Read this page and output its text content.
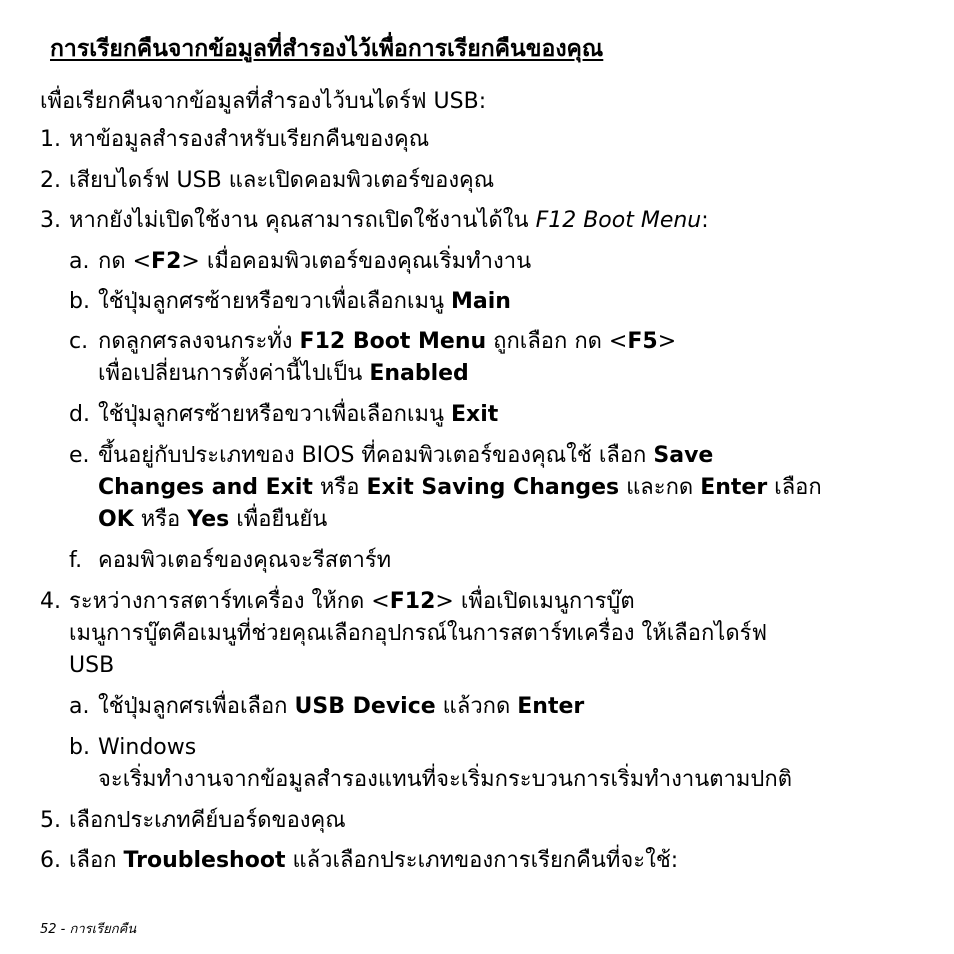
การเรียกคืนจากข้อมูลที่สำรองไว้เพื่อการเรียกคืนของคุณ

เพื่อเรียกคืนจากข้อมูลที่สำรองไว้บนไดร์ฟ USB:

1. หาข้อมูลสำรองสำหรับเรียกคืนของคุณ

2. เสียบไดร์ฟ USB และเปิดคอมพิวเตอร์ของคุณ

3. หากยังไม่เปิดใช้งาน คุณสามารถเปิดใช้งานได้ใน F12 Boot Menu:

a. กด <F2> เมื่อคอมพิวเตอร์ของคุณเริ่มทำงาน

b. ใช้ปุ่มลูกศรซ้ายหรือขวาเพื่อเลือกเมนู Main

c. กดลูกศรลงจนกระทั่ง F12 Boot Menu ถูกเลือก กด <F5>

เพื่อเปลี่ยนการตั้งค่านี้ไปเป็น Enabled

d. ใช้ปุ่มลูกศรซ้ายหรือขวาเพื่อเลือกเมนู Exit

e. ขึ้นอยู่กับประเภทของ BIOS ที่คอมพิวเตอร์ของคุณใช้ เลือก Save

Changes and Exit หรือ Exit Saving Changes และกด Enter เลือก

OK หรือ Yes เพื่อยืนยัน

f. คอมพิวเตอร์ของคุณจะรีสตาร์ท

4. ระหว่างการสตาร์ทเครื่อง ให้กด <F12> เพื่อเปิดเมนูการบู๊ต

เมนูการบู๊ตคือเมนูที่ช่วยคุณเลือกอุปกรณ์ในการสตาร์ทเครื่อง ให้เลือกไดร์ฟ

USB

a. ใช้ปุ่มลูกศรเพื่อเลือก USB Device แล้วกด Enter

b. Windows

จะเริ่มทำงานจากข้อมูลสำรองแทนที่จะเริ่มกระบวนการเริ่มทำงานตามปกติ

5. เลือกประเภทคีย์บอร์ดของคุณ

6. เลือก Troubleshoot แล้วเลือกประเภทของการเรียกคืนที่จะใช้:

52 - การเรียกคืน
